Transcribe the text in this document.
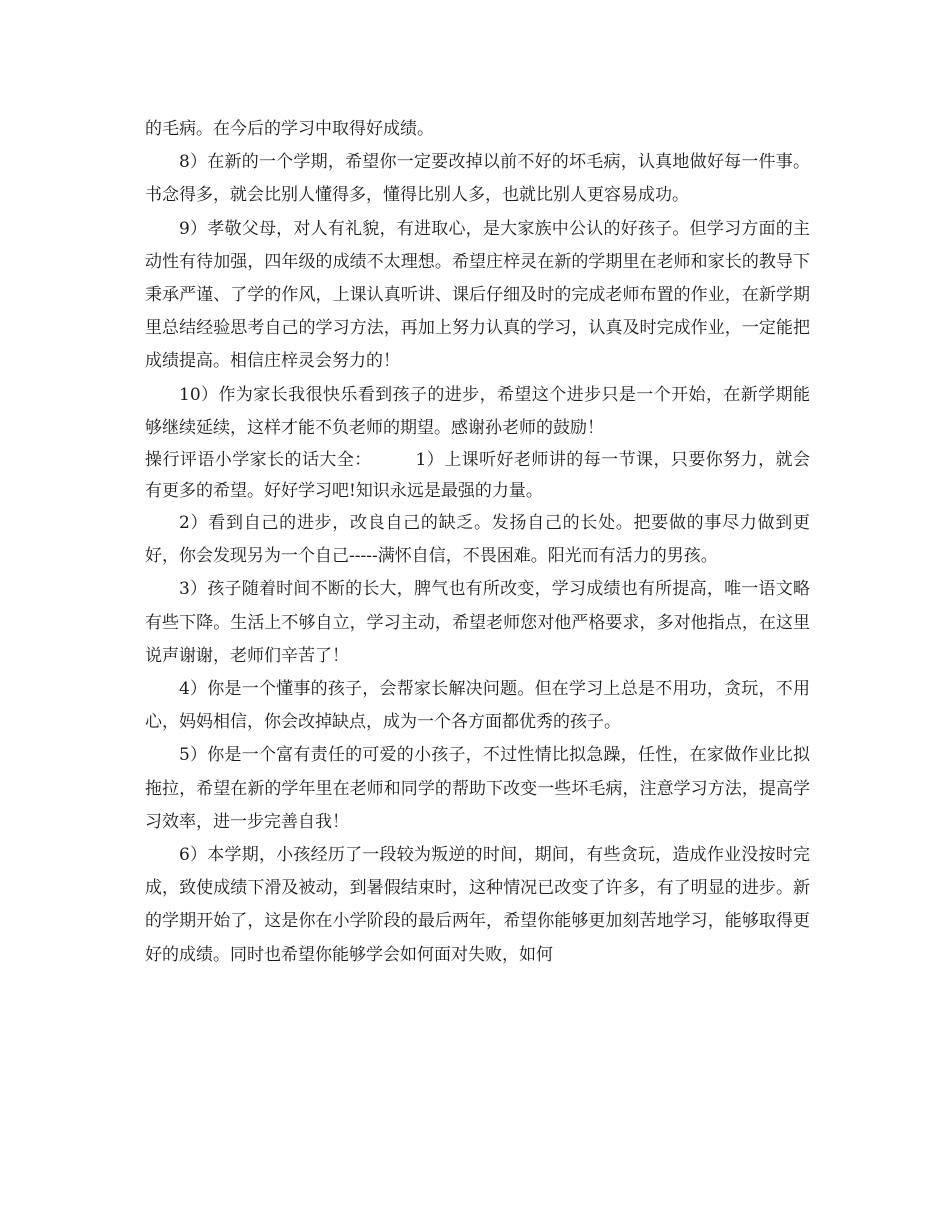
的毛病。在今后的学习中取得好成绩。

8）在新的一个学期，希望你一定要改掉以前不好的坏毛病，认真地做好每一件事。书念得多，就会比别人懂得多，懂得比别人多，也就比别人更容易成功。

9）孝敬父母，对人有礼貌，有进取心，是大家族中公认的好孩子。但学习方面的主动性有待加强，四年级的成绩不太理想。希望庄梓灵在新的学期里在老师和家长的教导下秉承严谨、了学的作风，上课认真听讲、课后仔细及时的完成老师布置的作业，在新学期里总结经验思考自己的学习方法，再加上努力认真的学习，认真及时完成作业，一定能把成绩提高。相信庄梓灵会努力的！

10）作为家长我很快乐看到孩子的进步，希望这个进步只是一个开始，在新学期能够继续延续，这样才能不负老师的期望。感谢孙老师的鼓励！

操行评语小学家长的话大全：　　　1）上课听好老师讲的每一节课，只要你努力，就会有更多的希望。好好学习吧!知识永远是最强的力量。

2）看到自己的进步，改良自己的缺乏。发扬自己的长处。把要做的事尽力做到更好，你会发现另为一个自己-----满怀自信，不畏困难。阳光而有活力的男孩。

3）孩子随着时间不断的长大，脾气也有所改变，学习成绩也有所提高，唯一语文略有些下降。生活上不够自立，学习主动，希望老师您对他严格要求，多对他指点，在这里说声谢谢，老师们辛苦了！

4）你是一个懂事的孩子，会帮家长解决问题。但在学习上总是不用功，贪玩，不用心，妈妈相信，你会改掉缺点，成为一个各方面都优秀的孩子。

5）你是一个富有责任的可爱的小孩子，不过性情比拟急躁，任性，在家做作业比拟拖拉，希望在新的学年里在老师和同学的帮助下改变一些坏毛病，注意学习方法，提高学习效率，进一步完善自我！

6）本学期，小孩经历了一段较为叛逆的时间，期间，有些贪玩，造成作业没按时完成，致使成绩下滑及被动，到暑假结束时，这种情况已改变了许多，有了明显的进步。新的学期开始了，这是你在小学阶段的最后两年，希望你能够更加刻苦地学习，能够取得更好的成绩。同时也希望你能够学会如何面对失败，如何
